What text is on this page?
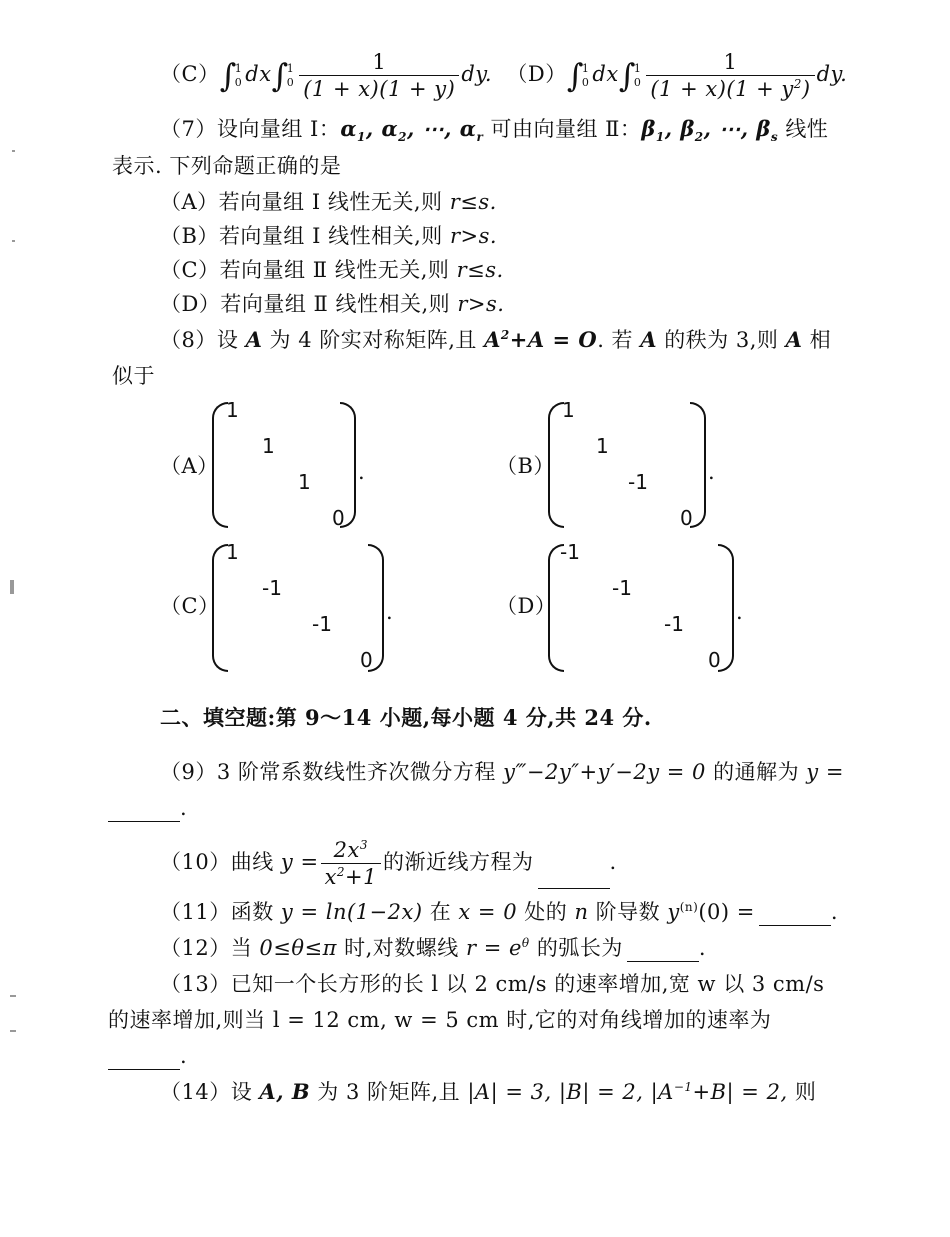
（C）∫
1
0 dx∫
1
$0 \frac{1}{(1 + x)(1 + y)}$ dy. （D）∫
1
0 dx∫
1
$0 \frac{1}{(1 + x)(1 + y^2)}$ dy.
（7）设向量组 Ⅰ：$\alpha_1$, $\alpha_2$, ⋯, $\alpha_r$ 可由向量组 Ⅱ：$\beta_1$, $\beta_2$, ⋯, $\beta_s$ 线性
表示. 下列命题正确的是
（A）若向量组 Ⅰ 线性无关,则 r≤s.
（B）若向量组 Ⅰ 线性相关,则 r>s.
（C）若向量组 Ⅱ 线性无关,则 r≤s.
（D）若向量组 Ⅱ 线性相关,则 r>s.
（8）设 A 为 4 阶实对称矩阵,且 $A^2+A = O$. 若 A 的秩为 3,则 A 相
似于
（A）
1
1
1
0
.	（B）
1
1
-1
0
.
（C）
1
-1
-1
0
.	（D）
-1
-1
-1
0
.
二、填空题:第 9～14 小题,每小题 4 分,共 24 分.
（9）3 阶常系数线性齐次微分方程 y‴−2y″+y′−2y = 0 的通解为 y =
.
（10）曲线 $y = \frac{2x^3}{x^2+1}$ 的渐近线方程为	.
（11）函数 y = ln(1−2x) 在 x = 0 处的 n 阶导数 $y^{(n)}(0)$ =	.
（12）当 0≤θ≤π 时,对数螺线 $r = e^\theta$ 的弧长为	.
（13）已知一个长方形的长 l 以 2 cm/s 的速率增加,宽 w 以 3 cm/s
的速率增加,则当 l = 12 cm, w = 5 cm 时,它的对角线增加的速率为
.
（14）设 A, B 为 3 阶矩阵,且 |A| = 3, |B| = 2, $|A^{-1}+B| = 2$, 则
